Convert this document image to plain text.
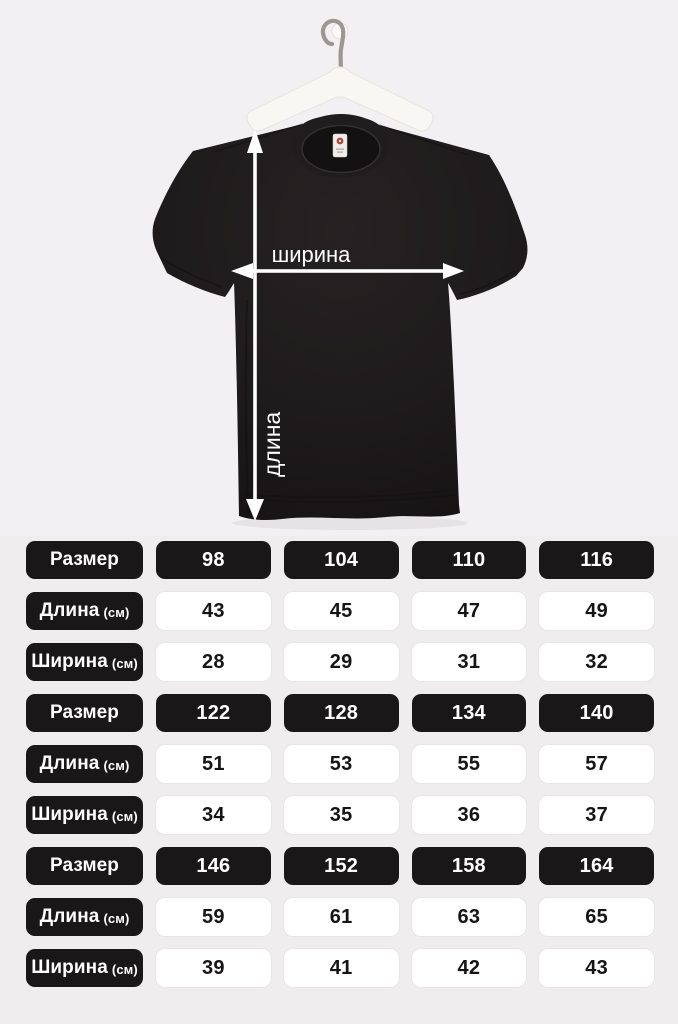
ширина
длина
Размер	98	104	110	116
Длина (см)	43	45	47	49
Ширина (см)	28	29	31	32
Размер	122	128	134	140
Длина (см)	51	53	55	57
Ширина (см)	34	35	36	37
Размер	146	152	158	164
Длина (см)	59	61	63	65
Ширина (см)	39	41	42	43
